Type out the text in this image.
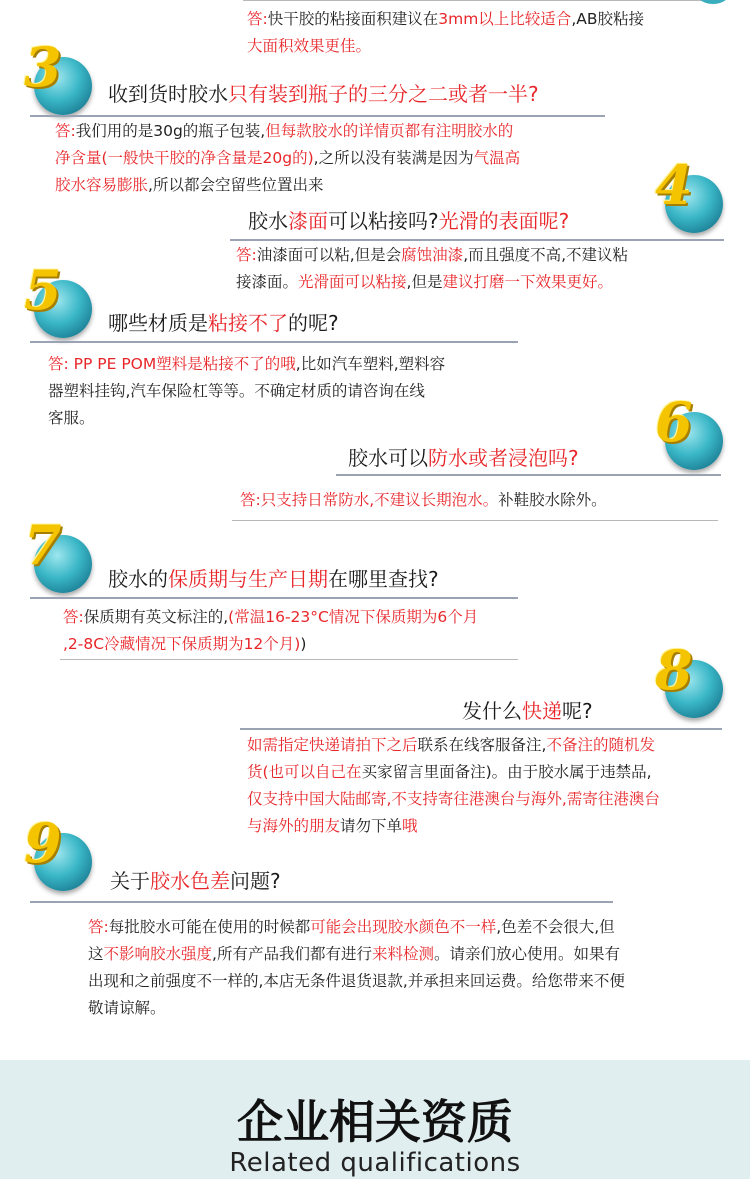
答:快干胶的粘接面积建议在3mm以上比较适合,AB胶粘接
大面积效果更佳。
3 收到货时胶水只有装到瓶子的三分之二或者一半?
答:我们用的是30g的瓶子包装,但每款胶水的详情页都有注明胶水的
净含量(一般快干胶的净含量是20g的),之所以没有装满是因为气温高
胶水容易膨胀,所以都会空留些位置出来	4
胶水漆面可以粘接吗?光滑的表面呢?
答:油漆面可以粘,但是会腐蚀油漆,而且强度不高,不建议粘
接漆面。光滑面可以粘接,但是建议打磨一下效果更好。
5
哪些材质是粘接不了的呢?
答: PP PE POM塑料是粘接不了的哦,比如汽车塑料,塑料容
器塑料挂钩,汽车保险杠等等。不确定材质的请咨询在线
客服。	6
胶水可以防水或者浸泡吗?
答:只支持日常防水,不建议长期泡水。补鞋胶水除外。
7
胶水的保质期与生产日期在哪里查找?
答:保质期有英文标注的,(常温16-23°C情况下保质期为6个月
,2-8C冷藏情况下保质期为12个月))	8
发什么快递呢?
如需指定快递请拍下之后联系在线客服备注,不备注的随机发
货(也可以自己在买家留言里面备注)。由于胶水属于违禁品,
仅支持中国大陆邮寄,不支持寄往港澳台与海外,需寄往港澳台
与海外的朋友请勿下单哦
9
关于胶水色差问题?
答:每批胶水可能在使用的时候都可能会出现胶水颜色不一样,色差不会很大,但
这不影响胶水强度,所有产品我们都有进行来料检测。请亲们放心使用。如果有
出现和之前强度不一样的,本店无条件退货退款,并承担来回运费。给您带来不便
敬请谅解。
企业相关资质
Related qualifications
